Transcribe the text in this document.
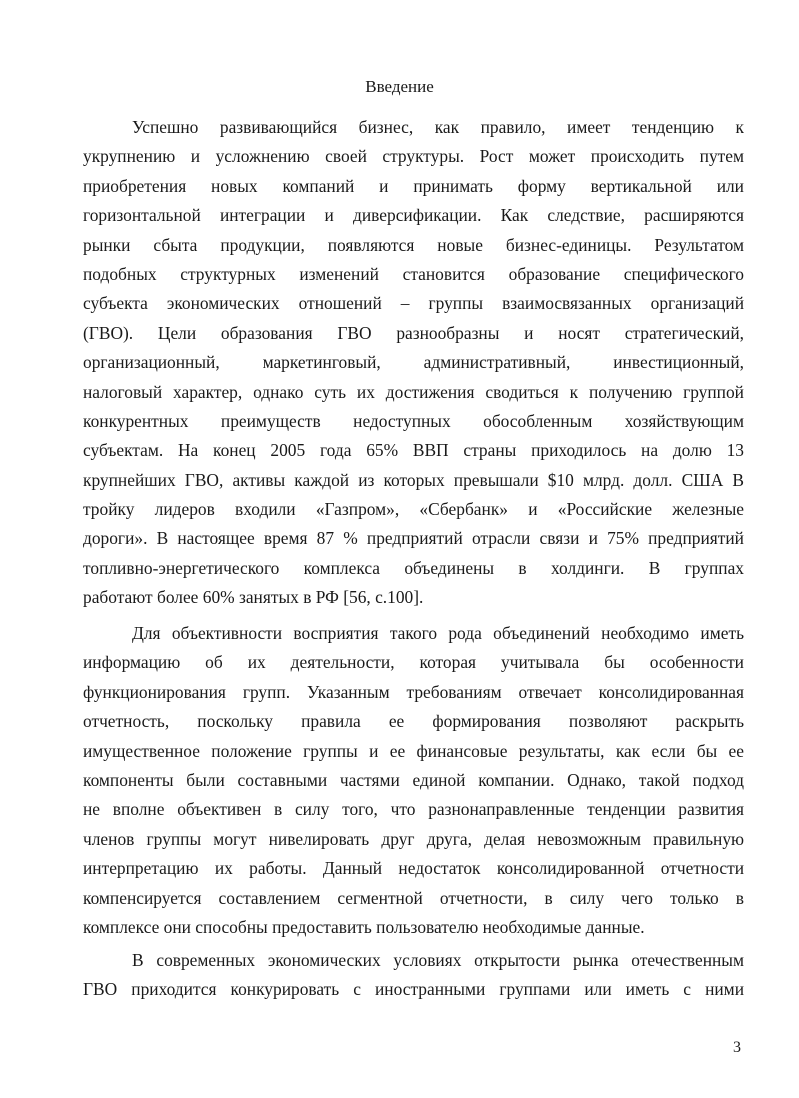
Введение
Успешно развивающийся бизнес, как правило, имеет тенденцию к
укрупнению и усложнению своей структуры. Рост может происходить путем
приобретения новых компаний и принимать форму вертикальной или
горизонтальной интеграции и диверсификации. Как следствие, расширяются
рынки сбыта продукции, появляются новые бизнес-единицы. Результатом
подобных структурных изменений становится образование специфического
субъекта экономических отношений – группы взаимосвязанных организаций
(ГВО). Цели образования ГВО разнообразны и носят стратегический,
организационный, маркетинговый, административный, инвестиционный,
налоговый характер, однако суть их достижения сводиться к получению группой
конкурентных преимуществ недоступных обособленным хозяйствующим
субъектам. На конец 2005 года 65% ВВП страны приходилось на долю 13
крупнейших ГВО, активы каждой из которых превышали $10 млрд. долл. США В
тройку лидеров входили «Газпром», «Сбербанк» и «Российские железные
дороги». В настоящее время 87 % предприятий отрасли связи и 75% предприятий
топливно-энергетического комплекса объединены в холдинги. В группах
работают более 60% занятых в РФ [56, с.100].
Для объективности восприятия такого рода объединений необходимо иметь
информацию об их деятельности, которая учитывала бы особенности
функционирования групп. Указанным требованиям отвечает консолидированная
отчетность, поскольку правила ее формирования позволяют раскрыть
имущественное положение группы и ее финансовые результаты, как если бы ее
компоненты были составными частями единой компании. Однако, такой подход
не вполне объективен в силу того, что разнонаправленные тенденции развития
членов группы могут нивелировать друг друга, делая невозможным правильную
интерпретацию их работы. Данный недостаток консолидированной отчетности
компенсируется составлением сегментной отчетности, в силу чего только в
комплексе они способны предоставить пользователю необходимые данные.
В современных экономических условиях открытости рынка отечественным
ГВО приходится конкурировать с иностранными группами или иметь с ними
3
